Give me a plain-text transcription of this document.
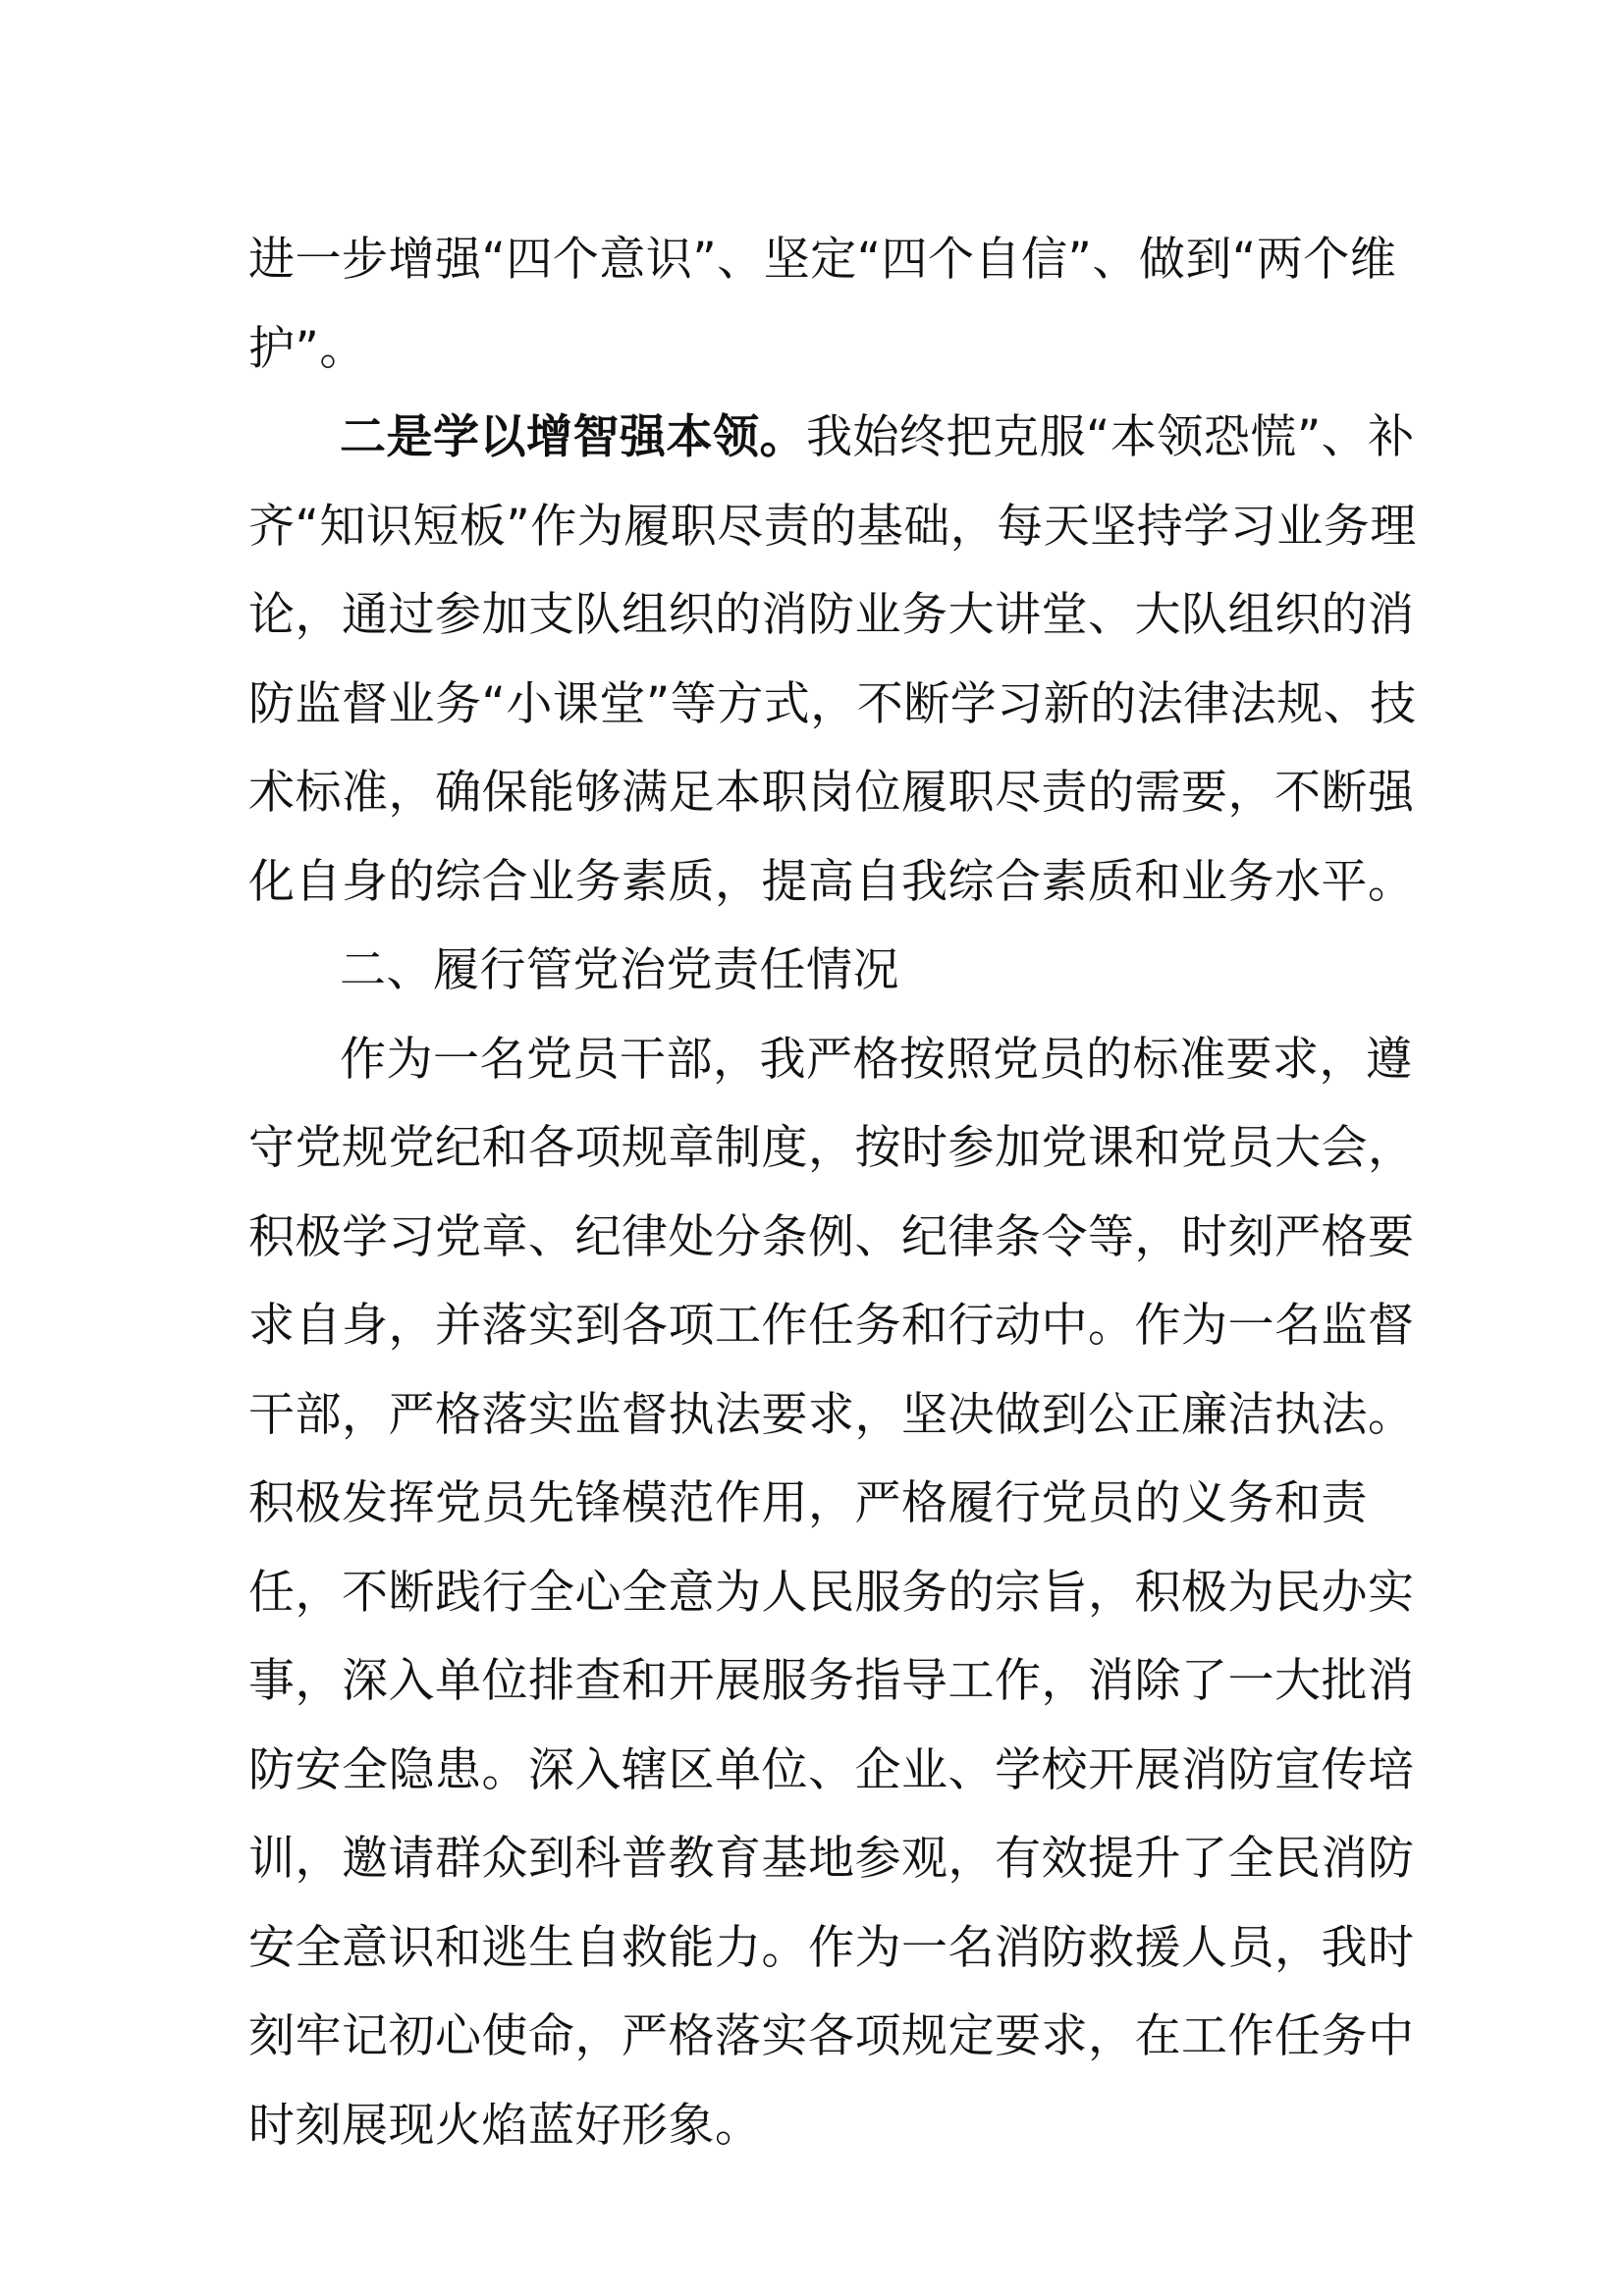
进一步增强“四个意识”、坚定“四个自信”、做到“两个维
护”。
二是学以增智强本领。我始终把克服“本领恐慌”、补
齐“知识短板”作为履职尽责的基础，每天坚持学习业务理
论，通过参加支队组织的消防业务大讲堂、大队组织的消
防监督业务“小课堂”等方式，不断学习新的法律法规、技
术标准，确保能够满足本职岗位履职尽责的需要，不断强
化自身的综合业务素质，提高自我综合素质和业务水平。
二、履行管党治党责任情况
作为一名党员干部，我严格按照党员的标准要求，遵
守党规党纪和各项规章制度，按时参加党课和党员大会，
积极学习党章、纪律处分条例、纪律条令等，时刻严格要
求自身，并落实到各项工作任务和行动中。作为一名监督
干部，严格落实监督执法要求，坚决做到公正廉洁执法。
积极发挥党员先锋模范作用，严格履行党员的义务和责
任，不断践行全心全意为人民服务的宗旨，积极为民办实
事，深入单位排查和开展服务指导工作，消除了一大批消
防安全隐患。深入辖区单位、企业、学校开展消防宣传培
训，邀请群众到科普教育基地参观，有效提升了全民消防
安全意识和逃生自救能力。作为一名消防救援人员，我时
刻牢记初心使命，严格落实各项规定要求，在工作任务中
时刻展现火焰蓝好形象。
